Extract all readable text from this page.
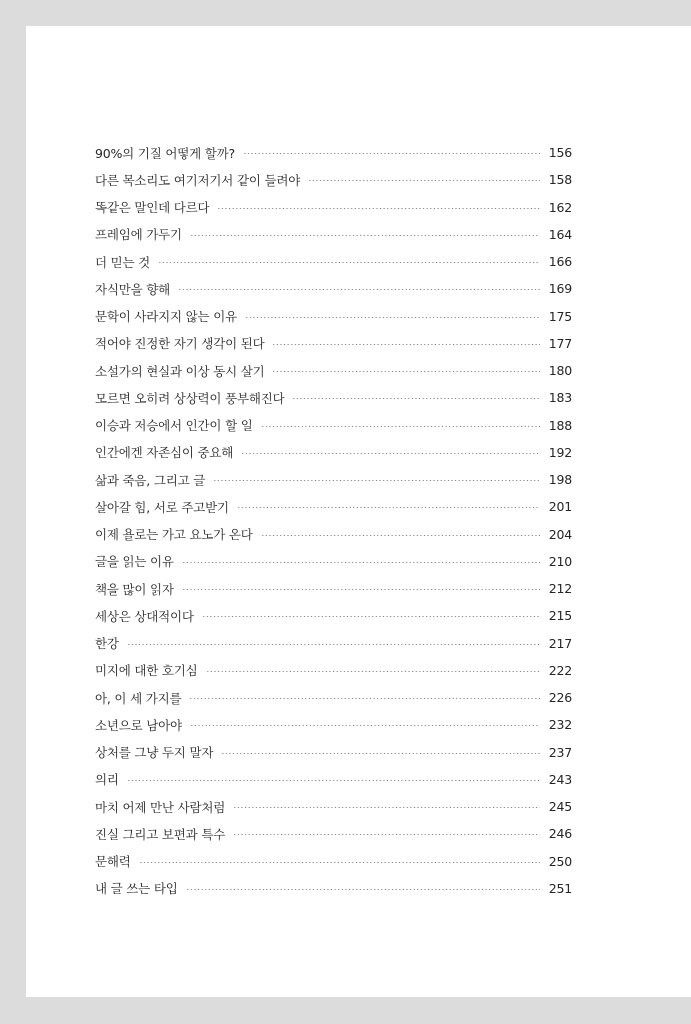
90%의 기질 어떻게 할까?	156
다른 목소리도 여기저기서 같이 들려야	158
똑같은 말인데 다르다	162
프레임에 가두기	164
더 믿는 것	166
자식만을 향해	169
문학이 사라지지 않는 이유	175
적어야 진정한 자기 생각이 된다	177
소설가의 현실과 이상 동시 살기	180
모르면 오히려 상상력이 풍부해진다	183
이승과 저승에서 인간이 할 일	188
인간에겐 자존심이 중요해	192
삶과 죽음, 그리고 글	198
살아갈 힘, 서로 주고받기	201
이제 욜로는 가고 요노가 온다	204
글을 읽는 이유	210
책을 많이 읽자	212
세상은 상대적이다	215
한강	217
미지에 대한 호기심	222
아, 이 세 가지를	226
소년으로 남아야	232
상처를 그냥 두지 말자	237
의리	243
마치 어제 만난 사람처럼	245
진실 그리고 보편과 특수	246
문해력	250
내 글 쓰는 타입	251
